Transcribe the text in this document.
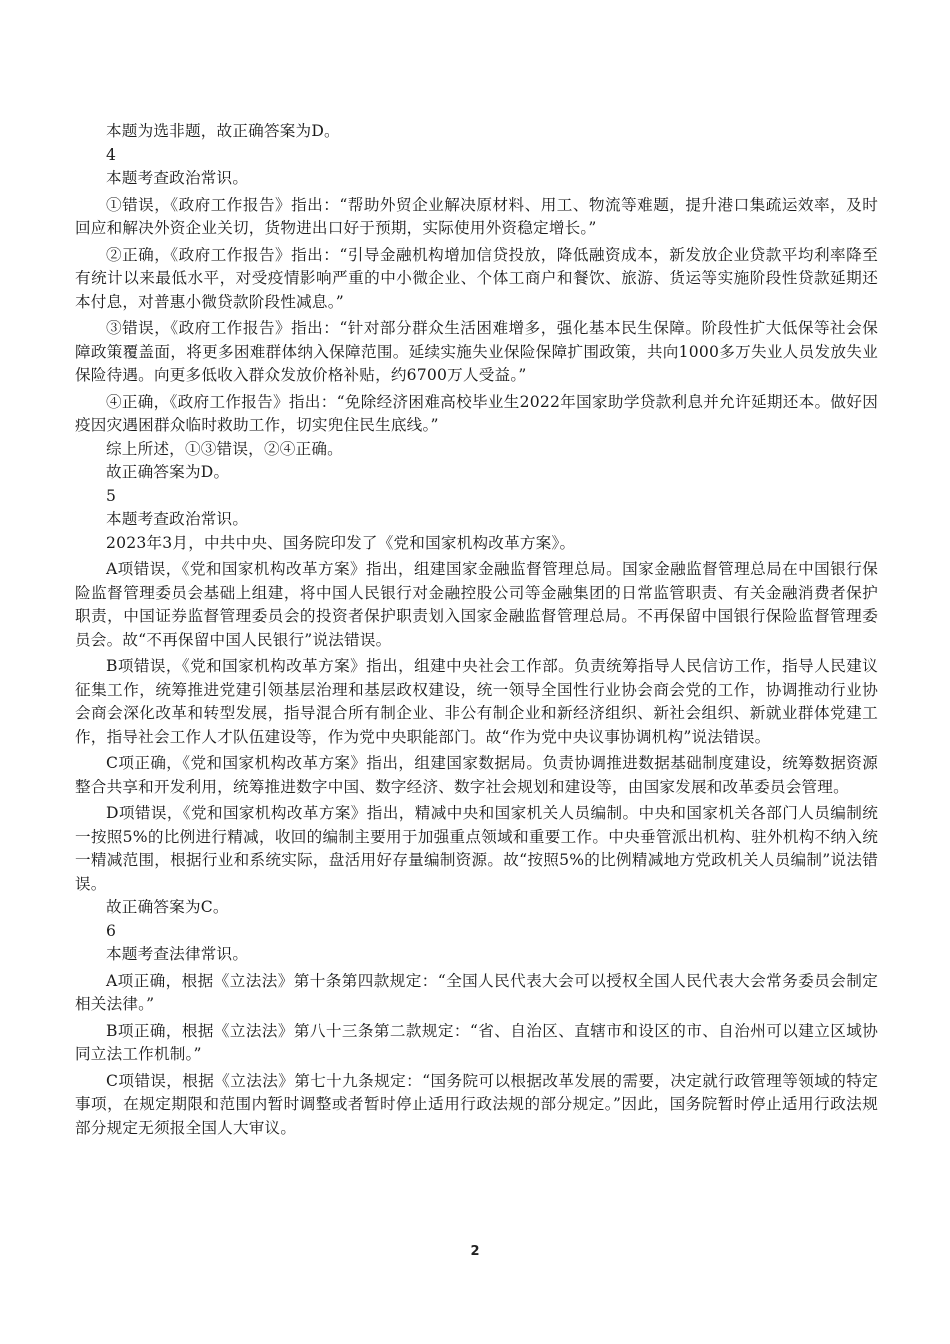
本题为选非题，故正确答案为D。

4

本题考查政治常识。

①错误，《政府工作报告》指出：“帮助外贸企业解决原材料、用工、物流等难题，提升港口集疏运效率，及时回应和解决外资企业关切，货物进出口好于预期，实际使用外资稳定增长。”

②正确，《政府工作报告》指出：“引导金融机构增加信贷投放，降低融资成本，新发放企业贷款平均利率降至有统计以来最低水平，对受疫情影响严重的中小微企业、个体工商户和餐饮、旅游、货运等实施阶段性贷款延期还本付息，对普惠小微贷款阶段性减息。”

③错误，《政府工作报告》指出：“针对部分群众生活困难增多，强化基本民生保障。阶段性扩大低保等社会保障政策覆盖面，将更多困难群体纳入保障范围。延续实施失业保险保障扩围政策，共向1000多万失业人员发放失业保险待遇。向更多低收入群众发放价格补贴，约6700万人受益。”

④正确，《政府工作报告》指出：“免除经济困难高校毕业生2022年国家助学贷款利息并允许延期还本。做好因疫因灾遇困群众临时救助工作，切实兜住民生底线。”

综上所述，①③错误，②④正确。

故正确答案为D。

5

本题考查政治常识。

2023年3月，中共中央、国务院印发了《党和国家机构改革方案》。

A项错误，《党和国家机构改革方案》指出，组建国家金融监督管理总局。国家金融监督管理总局在中国银行保险监督管理委员会基础上组建，将中国人民银行对金融控股公司等金融集团的日常监管职责、有关金融消费者保护职责，中国证券监督管理委员会的投资者保护职责划入国家金融监督管理总局。不再保留中国银行保险监督管理委员会。故“不再保留中国人民银行”说法错误。

B项错误，《党和国家机构改革方案》指出，组建中央社会工作部。负责统筹指导人民信访工作，指导人民建议征集工作，统筹推进党建引领基层治理和基层政权建设，统一领导全国性行业协会商会党的工作，协调推动行业协会商会深化改革和转型发展，指导混合所有制企业、非公有制企业和新经济组织、新社会组织、新就业群体党建工作，指导社会工作人才队伍建设等，作为党中央职能部门。故“作为党中央议事协调机构”说法错误。

C项正确，《党和国家机构改革方案》指出，组建国家数据局。负责协调推进数据基础制度建设，统筹数据资源整合共享和开发利用，统筹推进数字中国、数字经济、数字社会规划和建设等，由国家发展和改革委员会管理。

D项错误，《党和国家机构改革方案》指出，精减中央和国家机关人员编制。中央和国家机关各部门人员编制统一按照5%的比例进行精减，收回的编制主要用于加强重点领域和重要工作。中央垂管派出机构、驻外机构不纳入统一精减范围，根据行业和系统实际，盘活用好存量编制资源。故“按照5%的比例精减地方党政机关人员编制”说法错误。

故正确答案为C。

6

本题考查法律常识。

A项正确，根据《立法法》第十条第四款规定：“全国人民代表大会可以授权全国人民代表大会常务委员会制定相关法律。”

B项正确，根据《立法法》第八十三条第二款规定：“省、自治区、直辖市和设区的市、自治州可以建立区域协同立法工作机制。”

C项错误，根据《立法法》第七十九条规定：“国务院可以根据改革发展的需要，决定就行政管理等领域的特定事项，在规定期限和范围内暂时调整或者暂时停止适用行政法规的部分规定。”因此，国务院暂时停止适用行政法规部分规定无须报全国人大审议。

2
